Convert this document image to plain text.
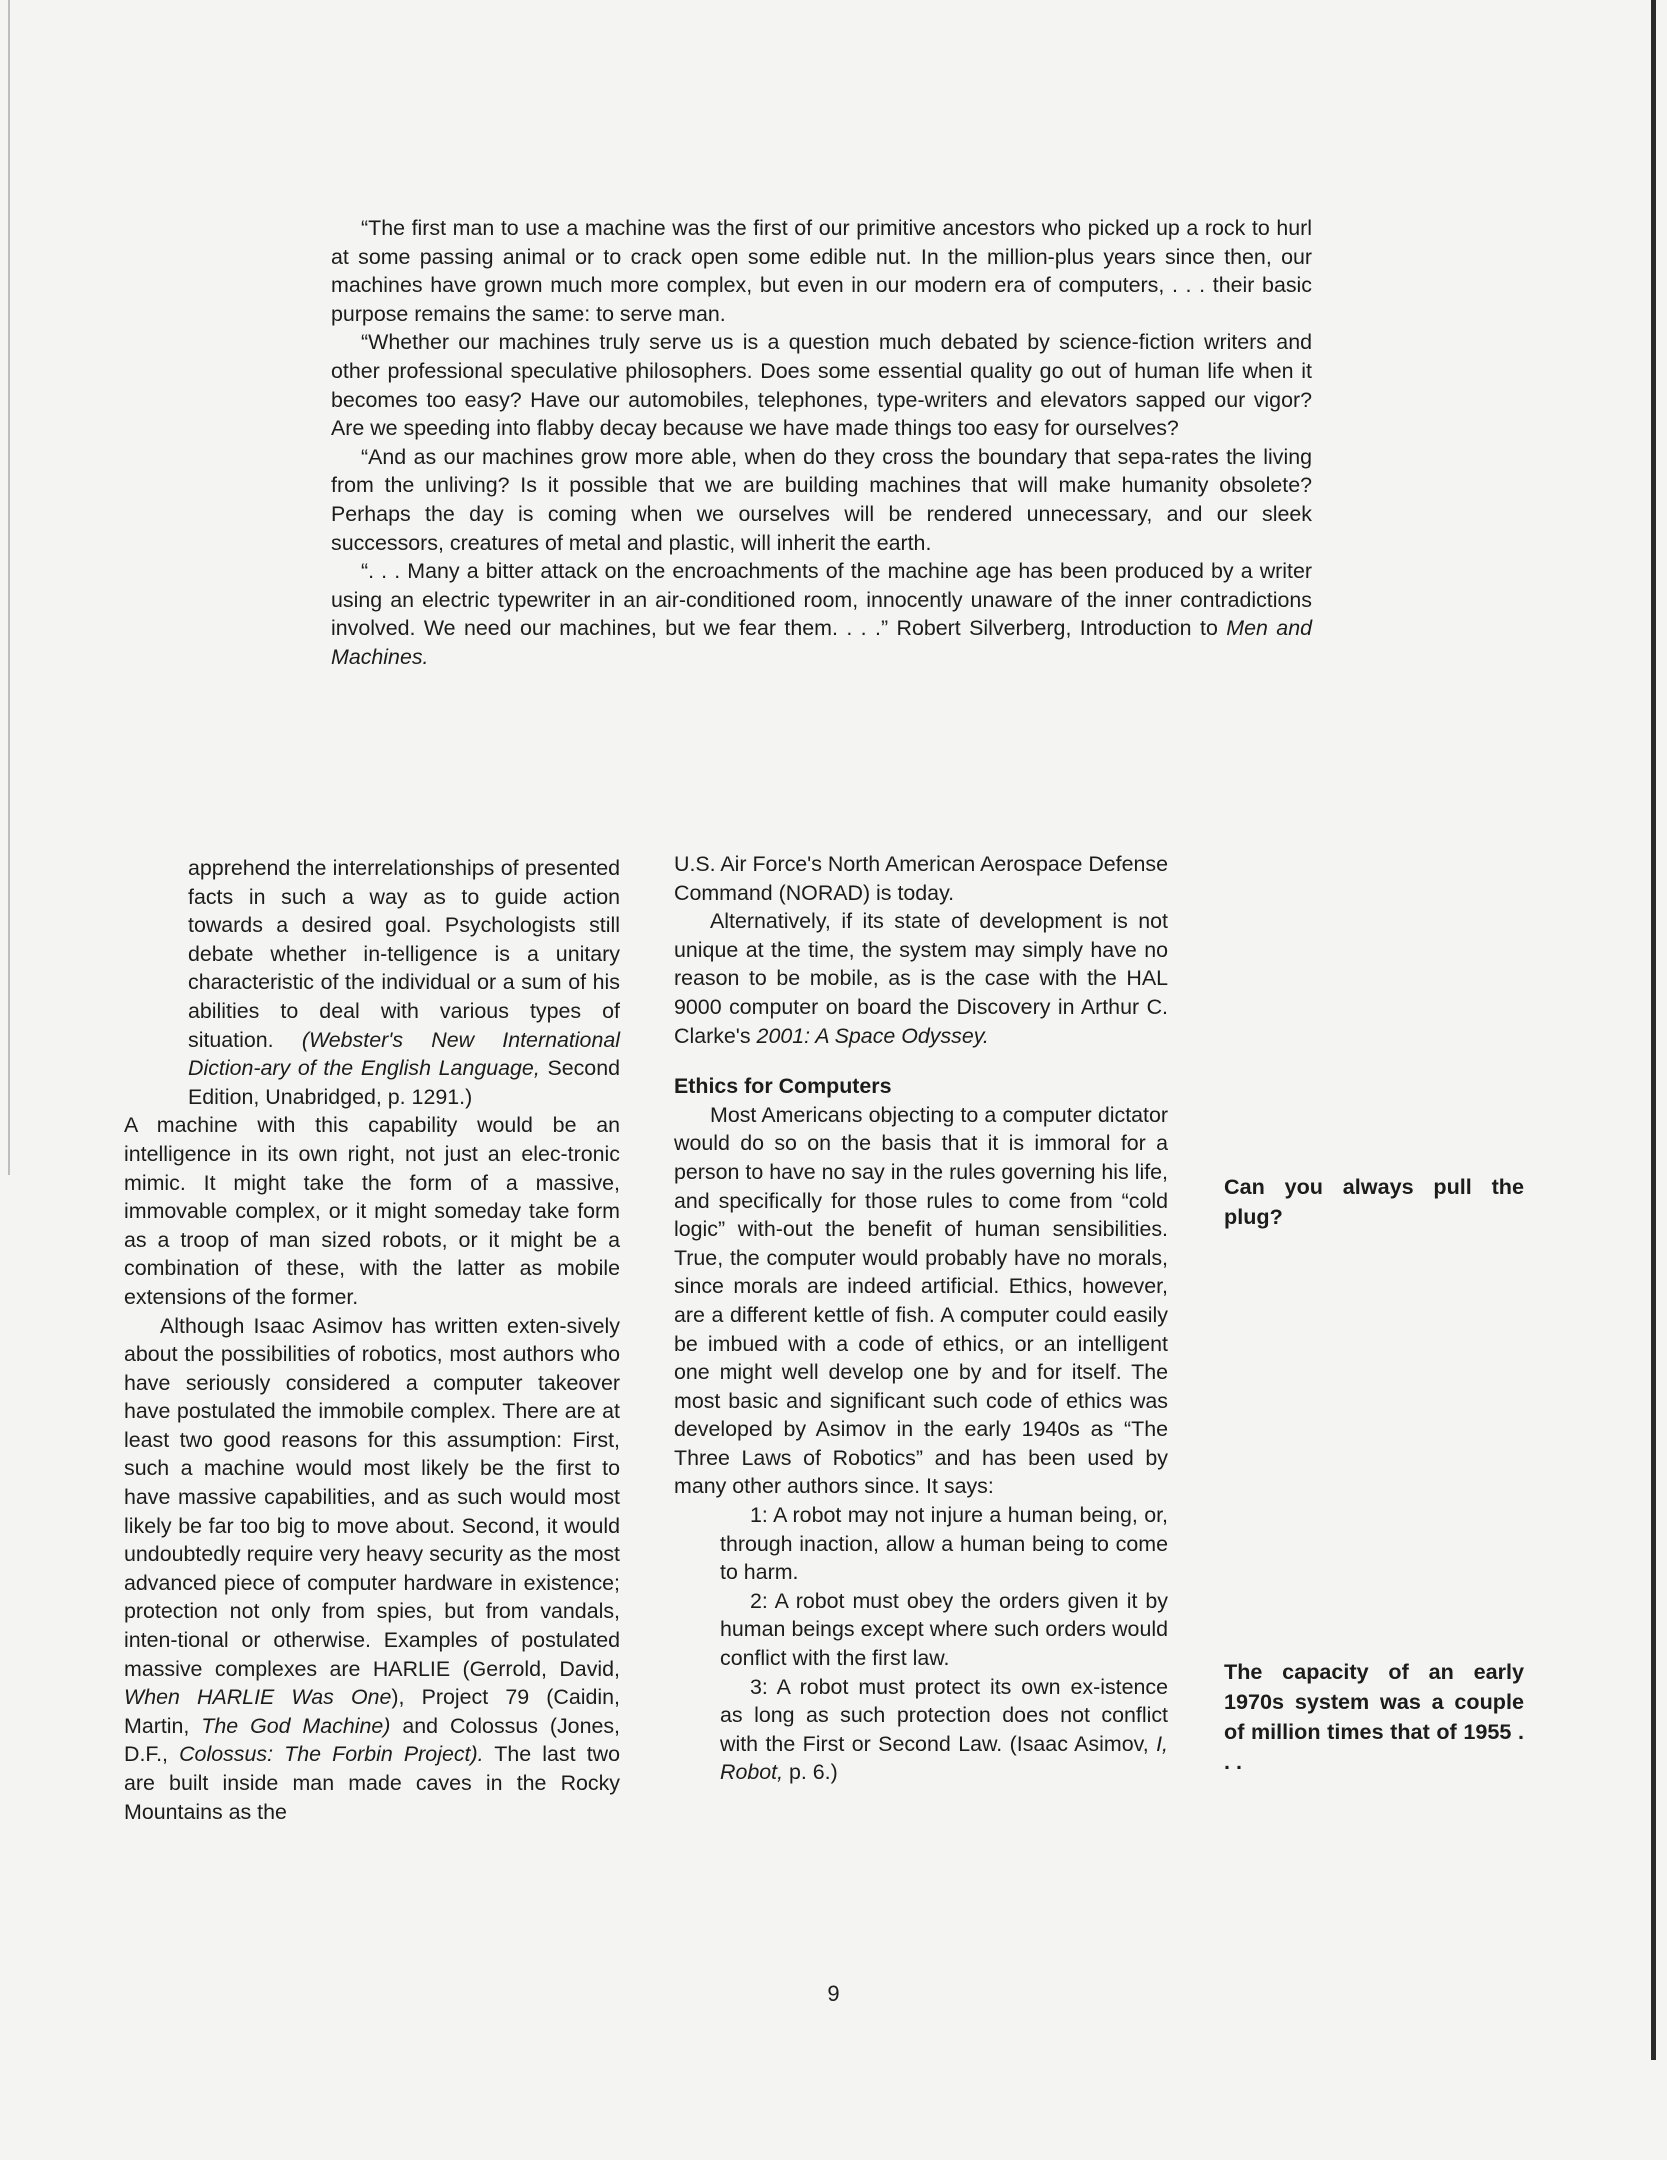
“The first man to use a machine was the first of our primitive ancestors who picked up a rock to hurl at some passing animal or to crack open some edible nut. In the million-plus years since then, our machines have grown much more complex, but even in our modern era of computers, . . . their basic purpose remains the same: to serve man.

“Whether our machines truly serve us is a question much debated by science-fiction writers and other professional speculative philosophers. Does some essential quality go out of human life when it becomes too easy? Have our automobiles, telephones, type-writers and elevators sapped our vigor? Are we speeding into flabby decay because we have made things too easy for ourselves?

“And as our machines grow more able, when do they cross the boundary that sepa-rates the living from the unliving? Is it possible that we are building machines that will make humanity obsolete? Perhaps the day is coming when we ourselves will be rendered unnecessary, and our sleek successors, creatures of metal and plastic, will inherit the earth.

“. . . Many a bitter attack on the encroachments of the machine age has been produced by a writer using an electric typewriter in an air-conditioned room, innocently unaware of the inner contradictions involved. We need our machines, but we fear them. . . .” Robert Silverberg, Introduction to Men and Machines.

apprehend the interrelationships of presented facts in such a way as to guide action towards a desired goal. Psychologists still debate whether in-telligence is a unitary characteristic of the individual or a sum of his abilities to deal with various types of situation. (Webster's New International Diction-ary of the English Language, Second Edition, Unabridged, p. 1291.)

A machine with this capability would be an intelligence in its own right, not just an elec-tronic mimic. It might take the form of a massive, immovable complex, or it might someday take form as a troop of man sized robots, or it might be a combination of these, with the latter as mobile extensions of the former.

Although Isaac Asimov has written exten-sively about the possibilities of robotics, most authors who have seriously considered a computer takeover have postulated the immobile complex. There are at least two good reasons for this assumption: First, such a machine would most likely be the first to have massive capabilities, and as such would most likely be far too big to move about. Second, it would undoubtedly require very heavy security as the most advanced piece of computer hardware in existence; protection not only from spies, but from vandals, inten-tional or otherwise. Examples of postulated massive complexes are HARLIE (Gerrold, David, When HARLIE Was One), Project 79 (Caidin, Martin, The God Machine) and Colossus (Jones, D.F., Colossus: The Forbin Project). The last two are built inside man made caves in the Rocky Mountains as the

U.S. Air Force's North American Aerospace Defense Command (NORAD) is today.

Alternatively, if its state of development is not unique at the time, the system may simply have no reason to be mobile, as is the case with the HAL 9000 computer on board the Discovery in Arthur C. Clarke's 2001: A Space Odyssey.

Ethics for Computers

Most Americans objecting to a computer dictator would do so on the basis that it is immoral for a person to have no say in the rules governing his life, and specifically for those rules to come from “cold logic” with-out the benefit of human sensibilities. True, the computer would probably have no morals, since morals are indeed artificial. Ethics, however, are a different kettle of fish. A computer could easily be imbued with a code of ethics, or an intelligent one might well develop one by and for itself. The most basic and significant such code of ethics was developed by Asimov in the early 1940s as “The Three Laws of Robotics” and has been used by many other authors since. It says:

1: A robot may not injure a human being, or, through inaction, allow a human being to come to harm.

2: A robot must obey the orders given it by human beings except where such orders would conflict with the first law.

3: A robot must protect its own ex-istence as long as such protection does not conflict with the First or Second Law. (Isaac Asimov, I, Robot, p. 6.)

Can you always pull the plug?
The capacity of an early 1970s system was a couple of million times that of 1955 . . .
9
